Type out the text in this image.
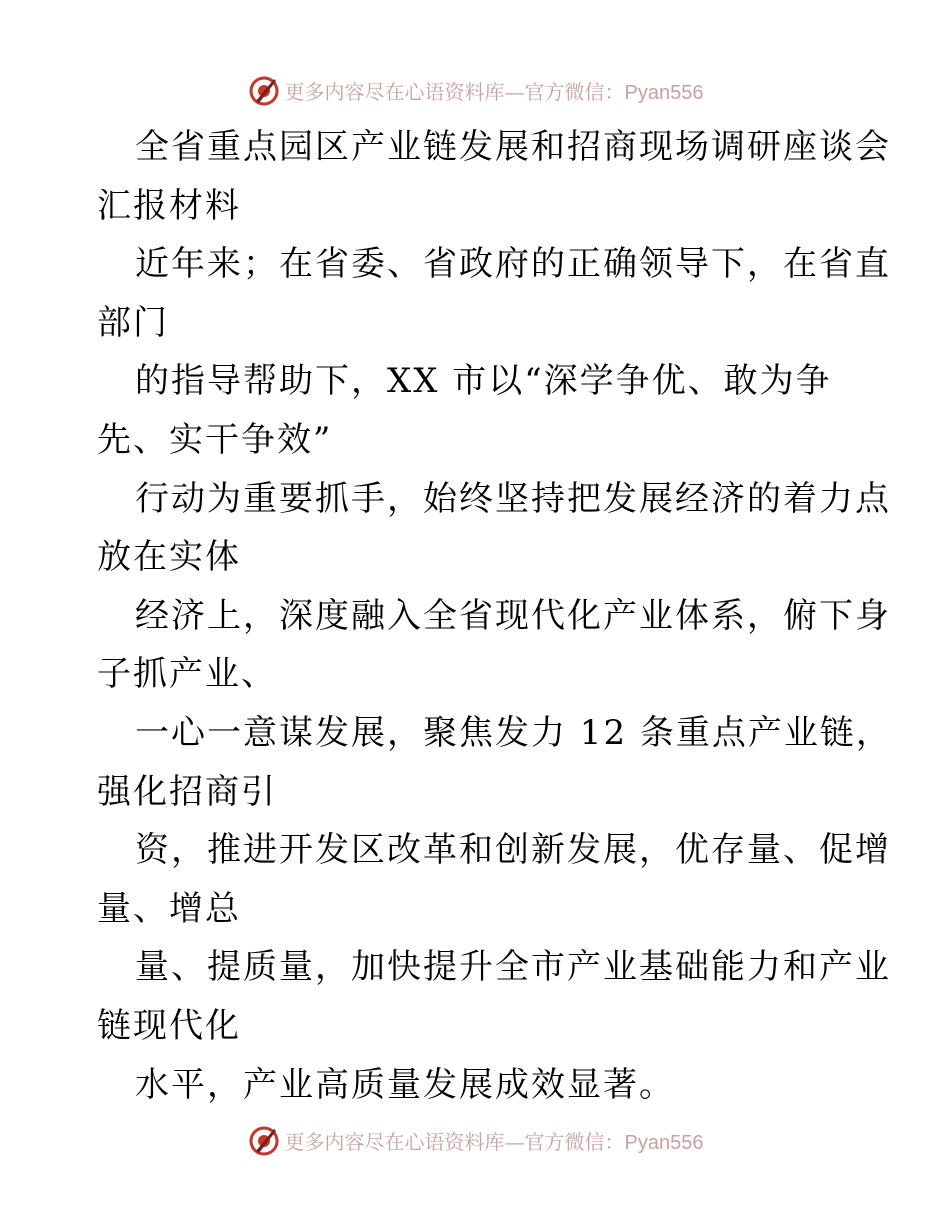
更多内容尽在心语资料库—官方微信：Pyan556
全省重点园区产业链发展和招商现场调研座谈会
汇报材料
近年来；在省委、省政府的正确领导下，在省直
部门
的指导帮助下，XX 市以“深学争优、敢为争
先、实干争效”
行动为重要抓手，始终坚持把发展经济的着力点
放在实体
经济上，深度融入全省现代化产业体系，俯下身
子抓产业、
一心一意谋发展，聚焦发力 12 条重点产业链，
强化招商引
资，推进开发区改革和创新发展，优存量、促增
量、增总
量、提质量，加快提升全市产业基础能力和产业
链现代化
水平，产业高质量发展成效显著。
更多内容尽在心语资料库—官方微信：Pyan556
